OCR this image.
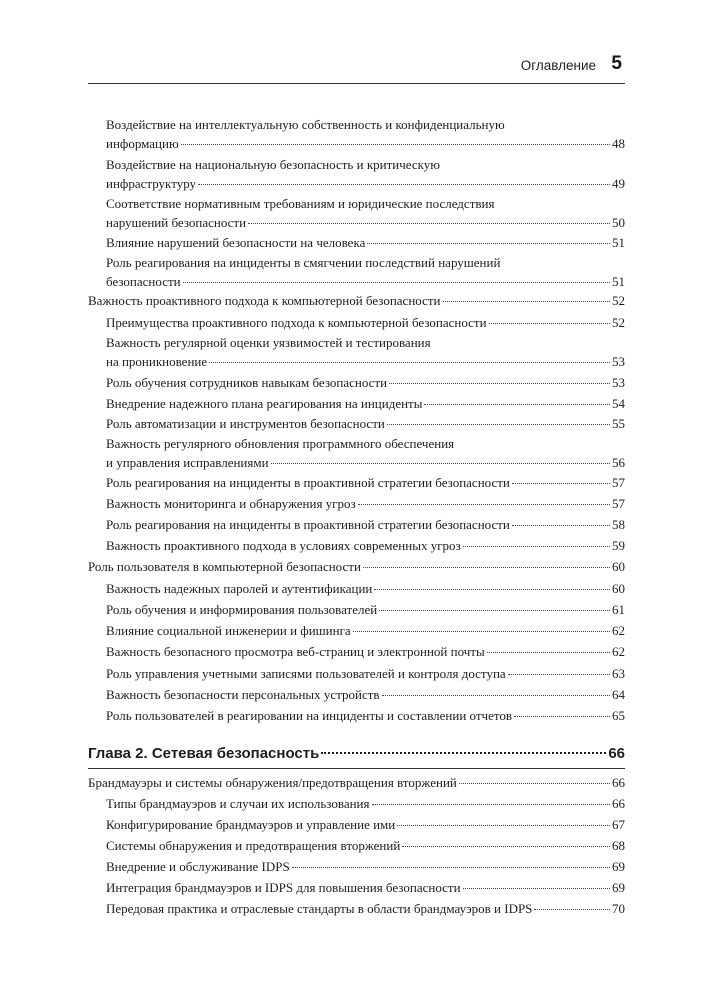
Оглавление 5
Воздействие на интеллектуальную собственность и конфиденциальную
информацию	48
Воздействие на национальную безопасность и критическую
инфраструктуру	49
Соответствие нормативным требованиям и юридические последствия
нарушений безопасности	50
Влияние нарушений безопасности на человека	51
Роль реагирования на инциденты в смягчении последствий нарушений
безопасности	51
Важность проактивного подхода к компьютерной безопасности	52
Преимущества проактивного подхода к компьютерной безопасности	52
Важность регулярной оценки уязвимостей и тестирования
на проникновение	53
Роль обучения сотрудников навыкам безопасности	53
Внедрение надежного плана реагирования на инциденты	54
Роль автоматизации и инструментов безопасности	55
Важность регулярного обновления программного обеспечения
и управления исправлениями	56
Роль реагирования на инциденты в проактивной стратегии безопасности	57
Важность мониторинга и обнаружения угроз	57
Роль реагирования на инциденты в проактивной стратегии безопасности	58
Важность проактивного подхода в условиях современных угроз	59
Роль пользователя в компьютерной безопасности	60
Важность надежных паролей и аутентификации	60
Роль обучения и информирования пользователей	61
Влияние социальной инженерии и фишинга	62
Важность безопасного просмотра веб-страниц и электронной почты	62
Роль управления учетными записями пользователей и контроля доступа	63
Важность безопасности персональных устройств	64
Роль пользователей в реагировании на инциденты и составлении отчетов	65
Глава 2. Сетевая безопасность	66
Брандмауэры и системы обнаружения/предотвращения вторжений	66
Типы брандмауэров и случаи их использования	66
Конфигурирование брандмауэров и управление ими	67
Системы обнаружения и предотвращения вторжений	68
Внедрение и обслуживание IDPS	69
Интеграция брандмауэров и IDPS для повышения безопасности	69
Передовая практика и отраслевые стандарты в области брандмауэров и IDPS	70
